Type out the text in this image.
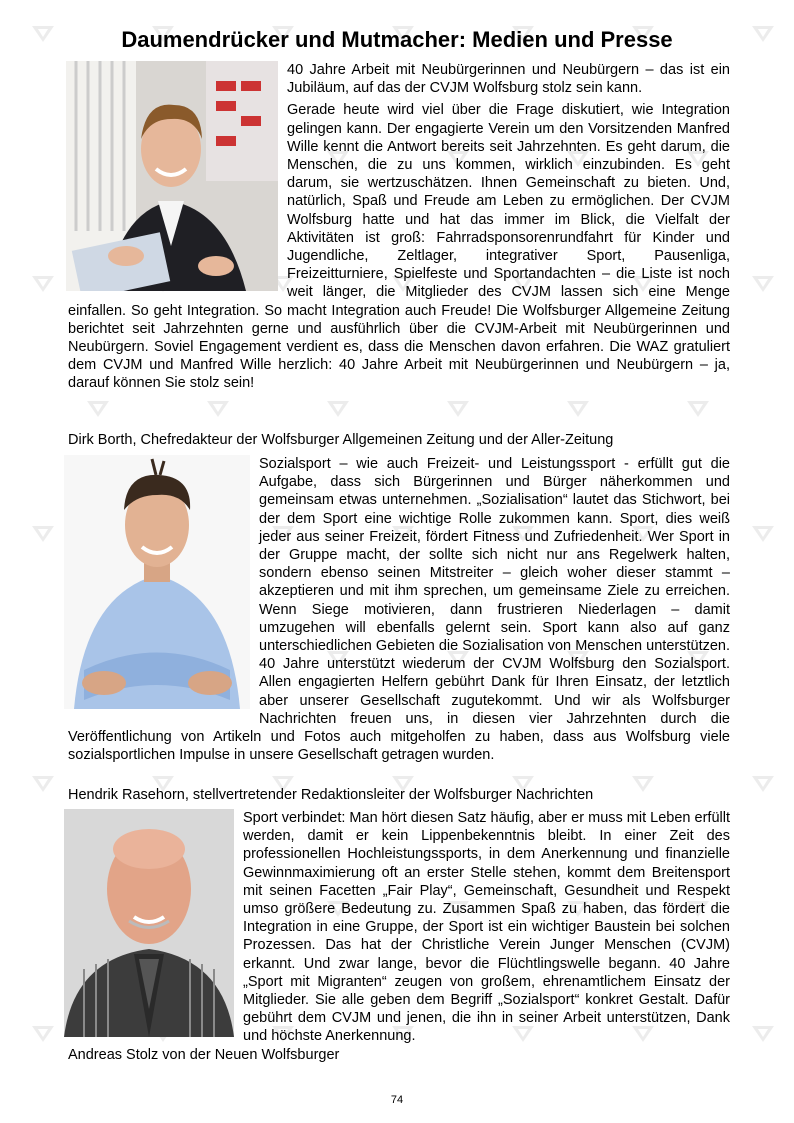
Daumendrücker und Mutmacher: Medien und Presse

40 Jahre Arbeit mit Neubürgerinnen und Neubürgern – das ist ein Jubiläum, auf das der CVJM Wolfsburg stolz sein kann.

Gerade heute wird viel über die Frage diskutiert, wie Integration gelingen kann. Der engagierte Verein um den Vorsitzenden Manfred Wille kennt die Antwort bereits seit Jahrzehnten. Es geht darum, die Menschen, die zu uns kommen, wirklich einzubinden. Es geht darum, sie wertzuschätzen. Ihnen Gemeinschaft zu bieten. Und, natürlich, Spaß und Freude am Leben zu ermöglichen. Der CVJM Wolfsburg hatte und hat das immer im Blick, die Vielfalt der Aktivitäten ist groß: Fahrradsponsorenrundfahrt für Kinder und Jugendliche, Zeltlager, integrativer Sport, Pausenliga, Freizeitturniere, Spielfeste und Sportandachten – die Liste ist noch weit länger, die Mitglieder des CVJM lassen sich eine Menge einfallen. So geht Integration. So macht Integration auch Freude! Die Wolfsburger Allgemeine Zeitung berichtet seit Jahrzehnten gerne und ausführlich über die CVJM-Arbeit mit Neubürgerinnen und Neubürgern. Soviel Engagement verdient es, dass die Menschen davon erfahren. Die WAZ gratuliert dem CVJM und Manfred Wille herzlich: 40 Jahre Arbeit mit Neubürgerinnen und Neubürgern – ja, darauf können Sie stolz sein!

Dirk Borth, Chefredakteur der Wolfsburger Allgemeinen Zeitung und der Aller-Zeitung

Sozialsport – wie auch Freizeit- und Leistungssport - erfüllt gut die Aufgabe, dass sich Bürgerinnen und Bürger näherkommen und gemeinsam etwas unternehmen. „Sozialisation“ lautet das Stichwort, bei der dem Sport eine wichtige Rolle zukommen kann. Sport, dies weiß jeder aus seiner Freizeit, fördert Fitness und Zufriedenheit. Wer Sport in der Gruppe macht, der sollte sich nicht nur ans Regelwerk halten, sondern ebenso seinen Mitstreiter – gleich woher dieser stammt – akzeptieren und mit ihm sprechen, um gemeinsame Ziele zu erreichen. Wenn Siege motivieren, dann frustrieren Niederlagen – damit umzugehen will ebenfalls gelernt sein. Sport kann also auf ganz unterschiedlichen Gebieten die Sozialisation von Menschen unterstützen. 40 Jahre unterstützt wiederum der CVJM Wolfsburg den Sozialsport. Allen engagierten Helfern gebührt Dank für Ihren Einsatz, der letztlich aber unserer Gesellschaft zugutekommt. Und wir als Wolfsburger Nachrichten freuen uns, in diesen vier Jahrzehnten durch die Veröffentlichung von Artikeln und Fotos auch mitgeholfen zu haben, dass aus Wolfsburg viele sozialsportlichen Impulse in unsere Gesellschaft getragen wurden.

Hendrik Rasehorn, stellvertretender Redaktionsleiter der Wolfsburger Nachrichten

Sport verbindet: Man hört diesen Satz häufig, aber er muss mit Leben erfüllt werden, damit er kein Lippenbekenntnis bleibt. In einer Zeit des professionellen Hochleistungssports, in dem Anerkennung und finanzielle Gewinnmaximierung oft an erster Stelle stehen, kommt dem Breitensport mit seinen Facetten „Fair Play“, Gemeinschaft, Gesundheit und Respekt umso größere Bedeutung zu. Zusammen Spaß zu haben, das fördert die Integration in eine Gruppe, der Sport ist ein wichtiger Baustein bei solchen Prozessen. Das hat der Christliche Verein Junger Menschen (CVJM) erkannt. Und zwar lange, bevor die Flüchtlingswelle begann. 40 Jahre „Sport mit Migranten“ zeugen von großem, ehrenamtlichem Einsatz der Mitglieder. Sie alle geben dem Begriff „Sozialsport“ konkret Gestalt. Dafür gebührt dem CVJM und jenen, die ihn in seiner Arbeit unterstützen, Dank und höchste Anerkennung.

Andreas Stolz von der Neuen Wolfsburger
74
